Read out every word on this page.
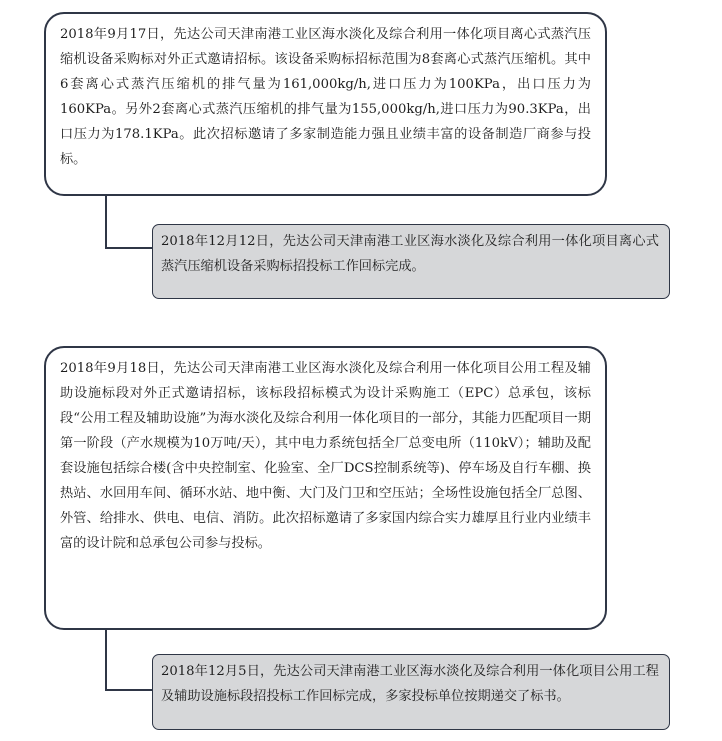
2018年9月17日，先达公司天津南港工业区海水淡化及综合利用一体化项目离心式蒸汽压缩机设备采购标对外正式邀请招标。该设备采购标招标范围为8套离心式蒸汽压缩机。其中6套离心式蒸汽压缩机的排气量为161,000kg/h,进口压力为100KPa，出口压力为160KPa。另外2套离心式蒸汽压缩机的排气量为155,000kg/h,进口压力为90.3KPa，出口压力为178.1KPa。此次招标邀请了多家制造能力强且业绩丰富的设备制造厂商参与投标。

2018年12月12日，先达公司天津南港工业区海水淡化及综合利用一体化项目离心式蒸汽压缩机设备采购标招投标工作回标完成。

2018年9月18日，先达公司天津南港工业区海水淡化及综合利用一体化项目公用工程及辅助设施标段对外正式邀请招标，该标段招标模式为设计采购施工（EPC）总承包，该标段“公用工程及辅助设施”为海水淡化及综合利用一体化项目的一部分，其能力匹配项目一期第一阶段（产水规模为10万吨/天），其中电力系统包括全厂总变电所（110kV）；辅助及配套设施包括综合楼(含中央控制室、化验室、全厂DCS控制系统等)、停车场及自行车棚、换热站、水回用车间、循环水站、地中衡、大门及门卫和空压站；全场性设施包括全厂总图、外管、给排水、供电、电信、消防。此次招标邀请了多家国内综合实力雄厚且行业内业绩丰富的设计院和总承包公司参与投标。

2018年12月5日，先达公司天津南港工业区海水淡化及综合利用一体化项目公用工程及辅助设施标段招投标工作回标完成，多家投标单位按期递交了标书。
